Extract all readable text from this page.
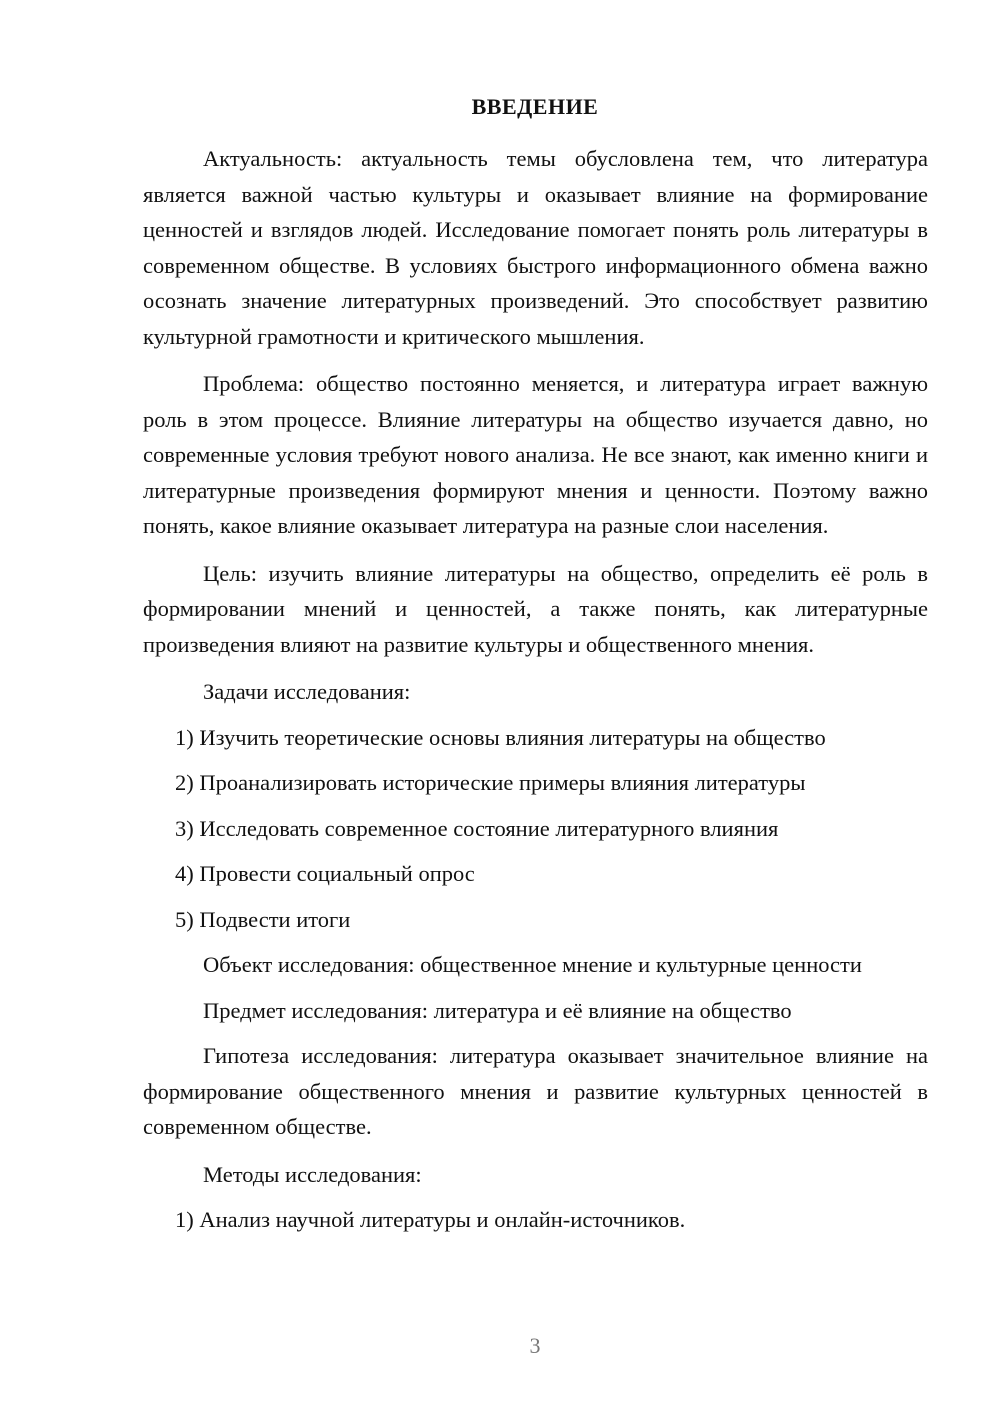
ВВЕДЕНИЕ

Актуальность: актуальность темы обусловлена тем, что литература является важной частью культуры и оказывает влияние на формирование ценностей и взглядов людей. Исследование помогает понять роль литературы в современном обществе. В условиях быстрого информационного обмена важно осознать значение литературных произведений. Это способствует развитию культурной грамотности и критического мышления.

Проблема: общество постоянно меняется, и литература играет важную роль в этом процессе. Влияние литературы на общество изучается давно, но современные условия требуют нового анализа. Не все знают, как именно книги и литературные произведения формируют мнения и ценности. Поэтому важно понять, какое влияние оказывает литература на разные слои населения.

Цель: изучить влияние литературы на общество, определить её роль в формировании мнений и ценностей, а также понять, как литературные произведения влияют на развитие культуры и общественного мнения.

Задачи исследования:
1) Изучить теоретические основы влияния литературы на общество
2) Проанализировать исторические примеры влияния литературы
3) Исследовать современное состояние литературного влияния
4) Провести социальный опрос
5) Подвести итоги
Объект исследования: общественное мнение и культурные ценности
Предмет исследования: литература и её влияние на общество

Гипотеза исследования: литература оказывает значительное влияние на формирование общественного мнения и развитие культурных ценностей в современном обществе.

Методы исследования:
1) Анализ научной литературы и онлайн-источников.
3
